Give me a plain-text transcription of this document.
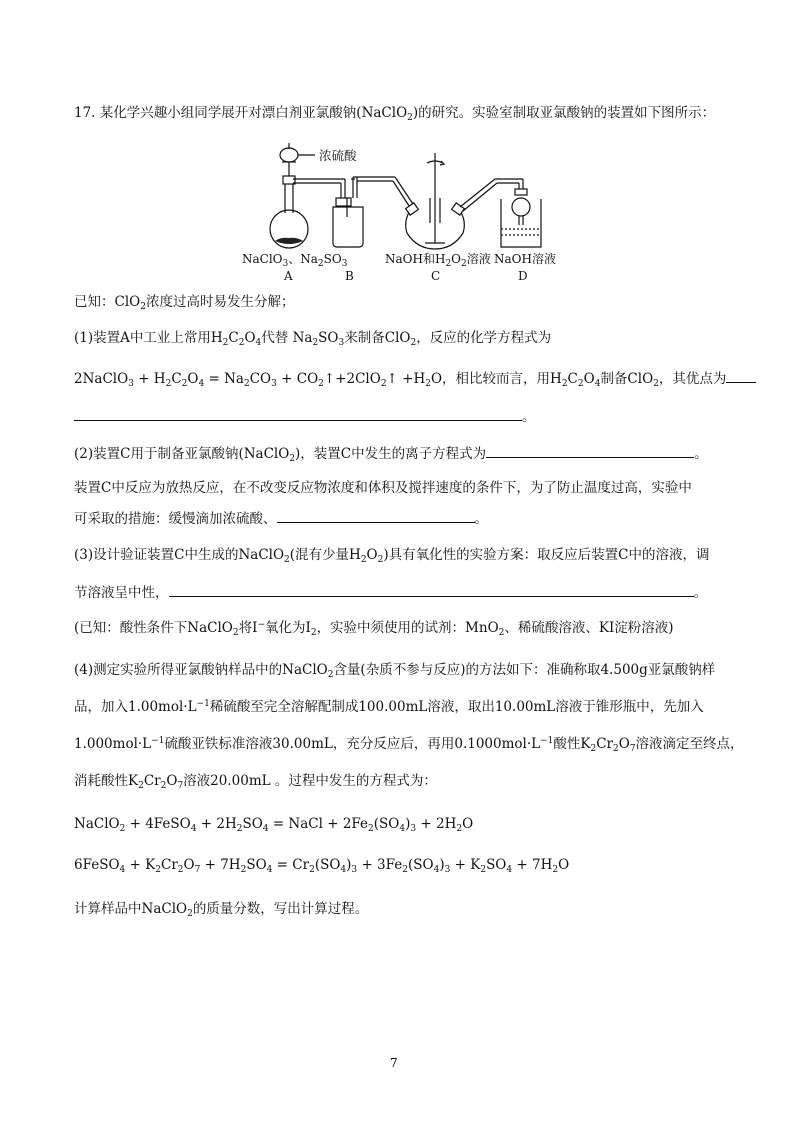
17. 某化学兴趣小组同学展开对漂白剂亚氯酸钠(NaClO$_2$)的研究。实验室制取亚氯酸钠的装置如下图所示：
浓硫酸
NaClO$_3$、$Na_2SO_3$
A	B
NaOH和$H_2O_2$溶液
C
NaOH溶液
D
已知：ClO$_2$浓度过高时易发生分解；
(1)装置A中工业上常用$H_2C_2O_4$代替 $Na_2SO_3$来制备ClO$_2$，反应的化学方程式为
2NaClO$_3$ + $H_2C_2O_4 = Na_2CO_3$ + $CO_2↑+2ClO_2↑ +H_2O$，相比较而言，用$H_2C_2O_4$制备ClO$_2$，其优点为
。
(2)装置C用于制备亚氯酸钠(NaClO$_2$)，装置C中发生的离子方程式为	。
装置C中反应为放热反应，在不改变反应物浓度和体积及搅拌速度的条件下，为了防止温度过高，实验中
可采取的措施：缓慢滴加浓硫酸、	。
(3)设计验证装置C中生成的NaClO$_2$(混有少量$H_2O_2$)具有氧化性的实验方案：取反应后装置C中的溶液，调
节溶液呈中性，	。
(已知：酸性条件下NaClO$_2$将I−氧化为$I_2$，实验中须使用的试剂：MnO$_2$、稀硫酸溶液、KI淀粉溶液)
(4)测定实验所得亚氯酸钠样品中的NaClO$_2$含量(杂质不参与反应)的方法如下：准确称取4.500g亚氯酸钠样
品，加入$1.00mol\cdot L^{-1}$稀硫酸至完全溶解配制成100.00mL溶液，取出10.00mL溶液于锥形瓶中，先加入
$1.000mol\cdot L^{-1}$硫酸亚铁标准溶液30.00mL，充分反应后，再用$0.1000mol\cdot L^{-1}$酸性$K_2Cr_2O_7$溶液滴定至终点，
消耗酸性$K_2Cr_2O_7$溶液20.00mL 。过程中发生的方程式为：
NaClO$_2$ + 4FeSO$_4$ + $2H_2SO_4$ = NaCl + $2Fe_2(SO_4)_3 + 2H_2O$
6FeSO$_4$ + $K_2Cr_2O_7 + 7H_2SO_4 = Cr_2(SO_4)_3 + 3Fe_2(SO_4)_3 + K_2SO_4 + 7H_2O$
计算样品中NaClO$_2$的质量分数，写出计算过程。
7
